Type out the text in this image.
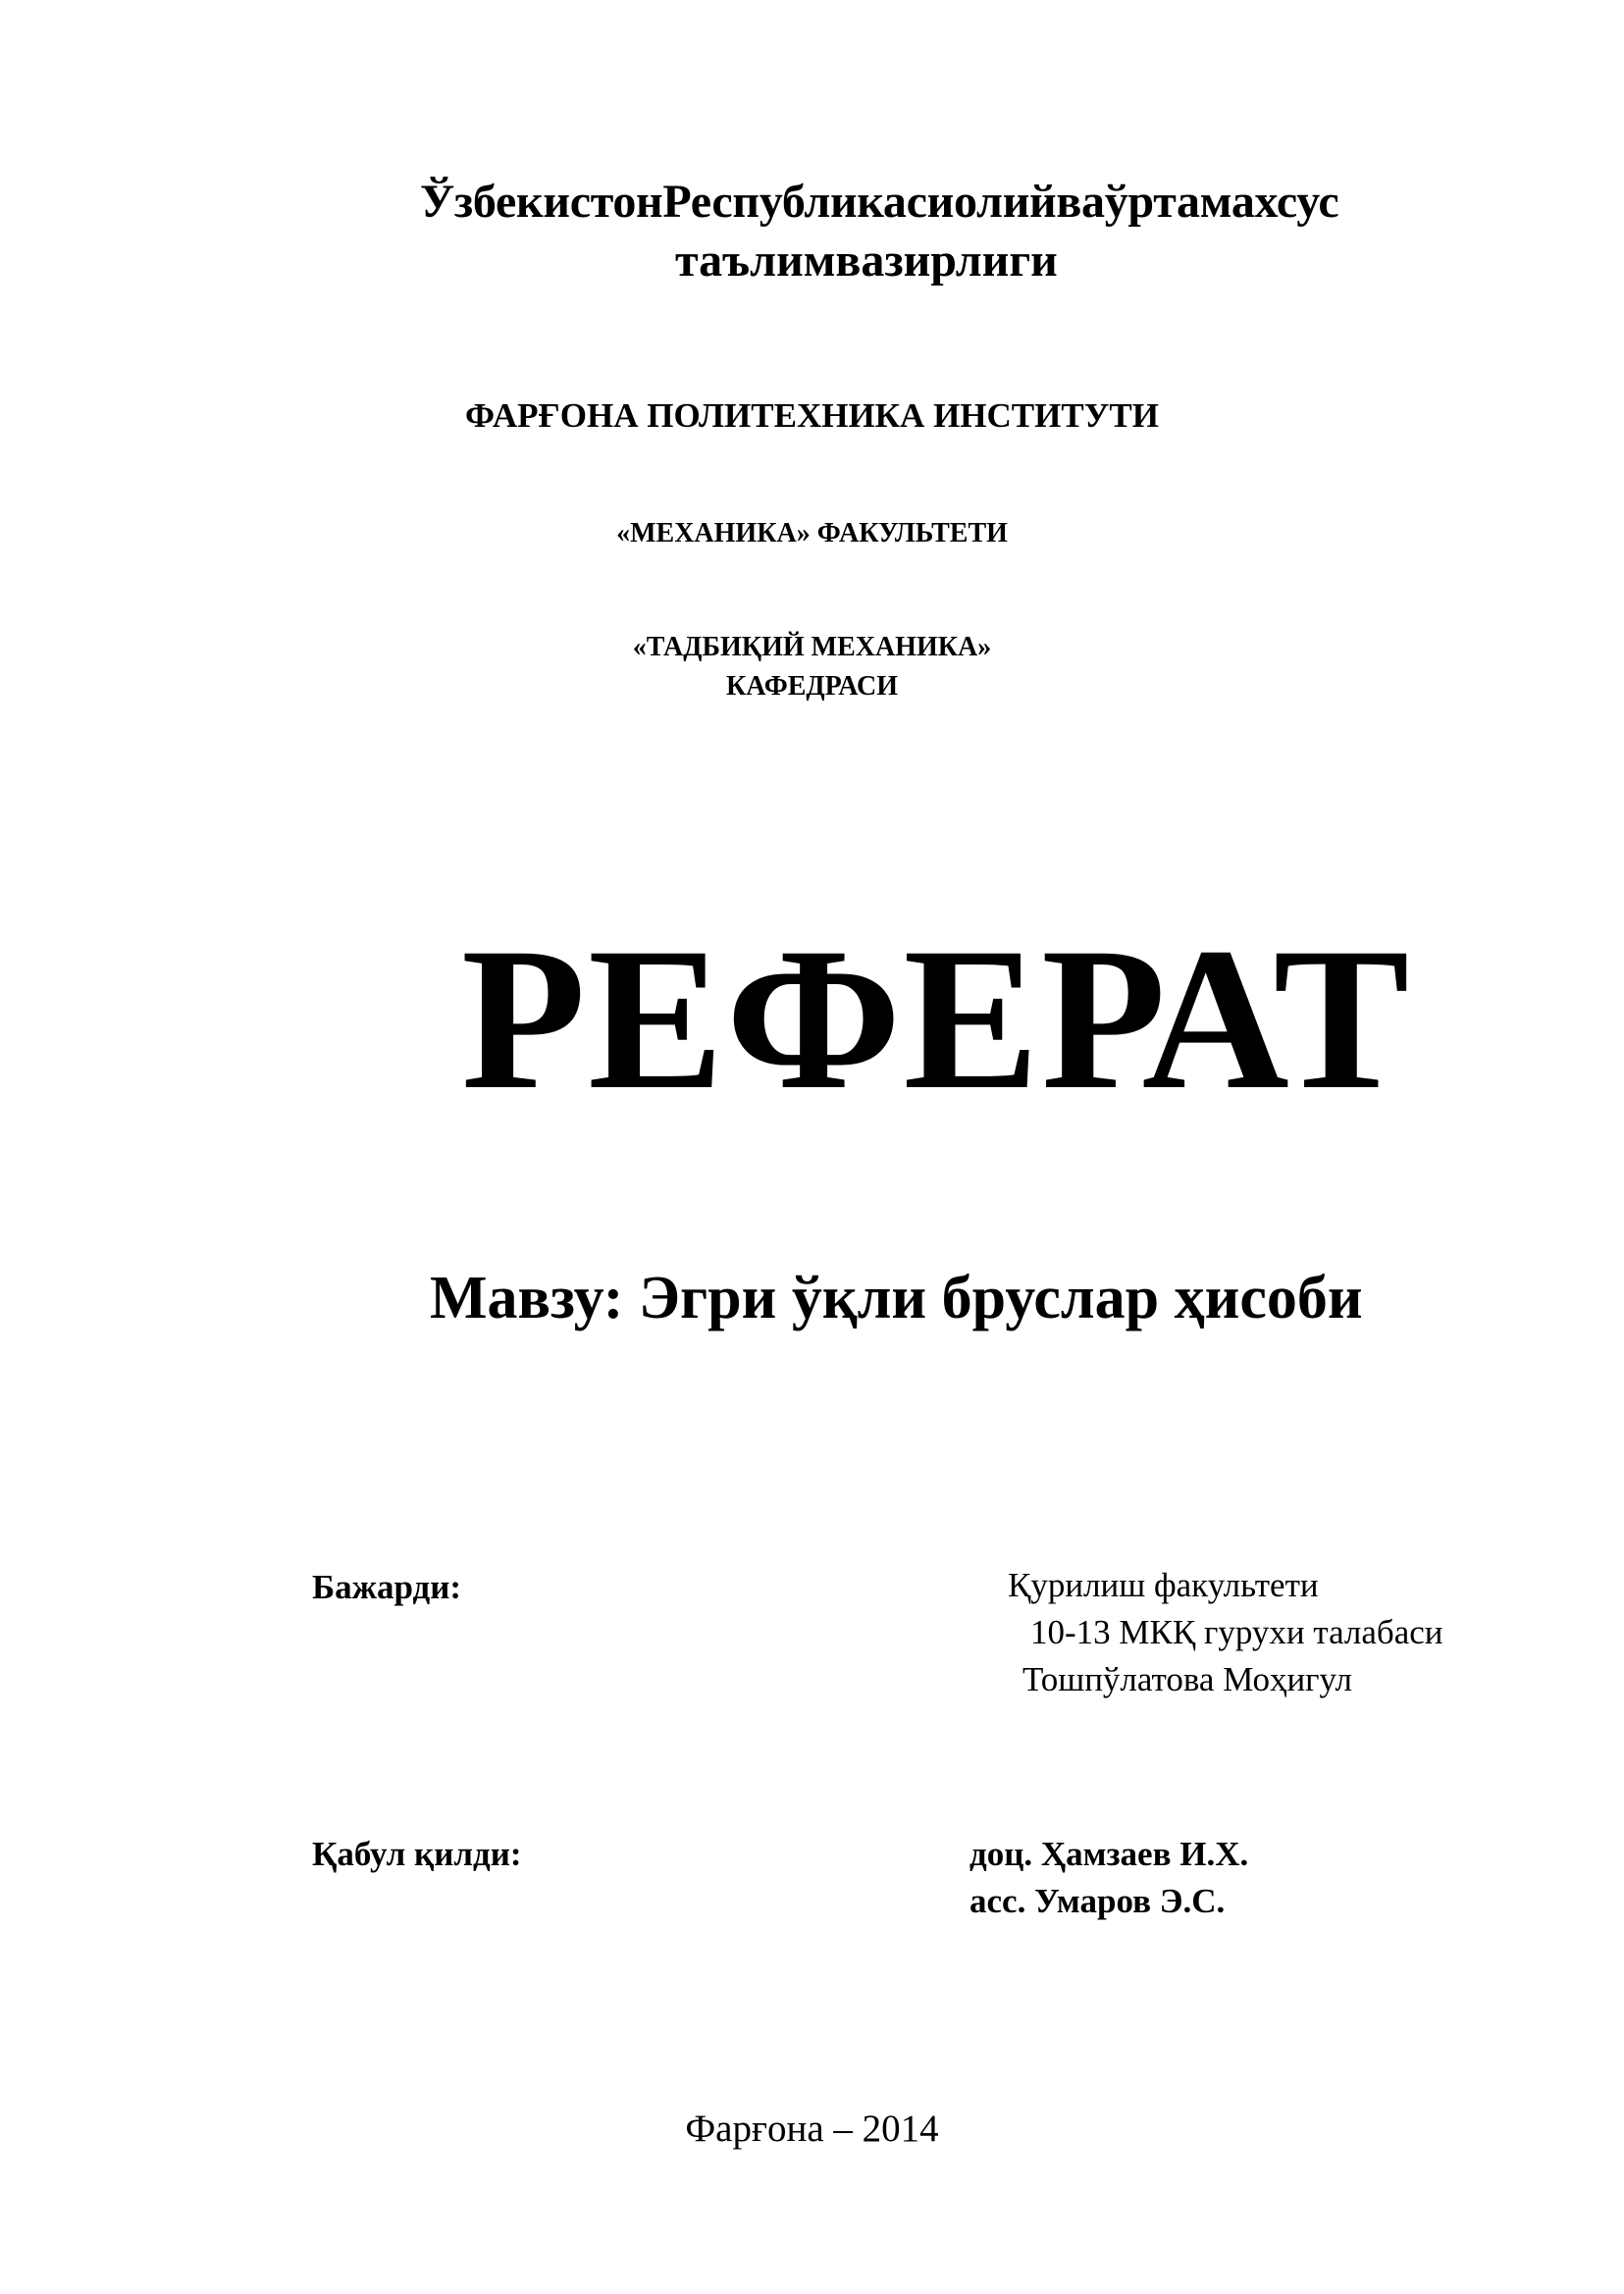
ЎзбекистонРеспубликасиолийваўртамахсус
таълимвазирлиги
ФАРҒОНА ПОЛИТЕХНИКА ИНСТИТУТИ
«МЕХАНИКА» ФАКУЛЬТЕТИ
«ТАДБИҚИЙ МЕХАНИКА»
КАФЕДРАСИ
РЕФЕРАТ
Мавзу: Эгри ўқли бруслар ҳисоби
Бажарди:	Қурилиш факультети
10-13 МКҚ гурухи талабаси
Тошпўлатова Моҳигул
Қабул қилди:	доц. Ҳамзаев И.Х.
асс. Умаров Э.С.
Фарғона – 2014
